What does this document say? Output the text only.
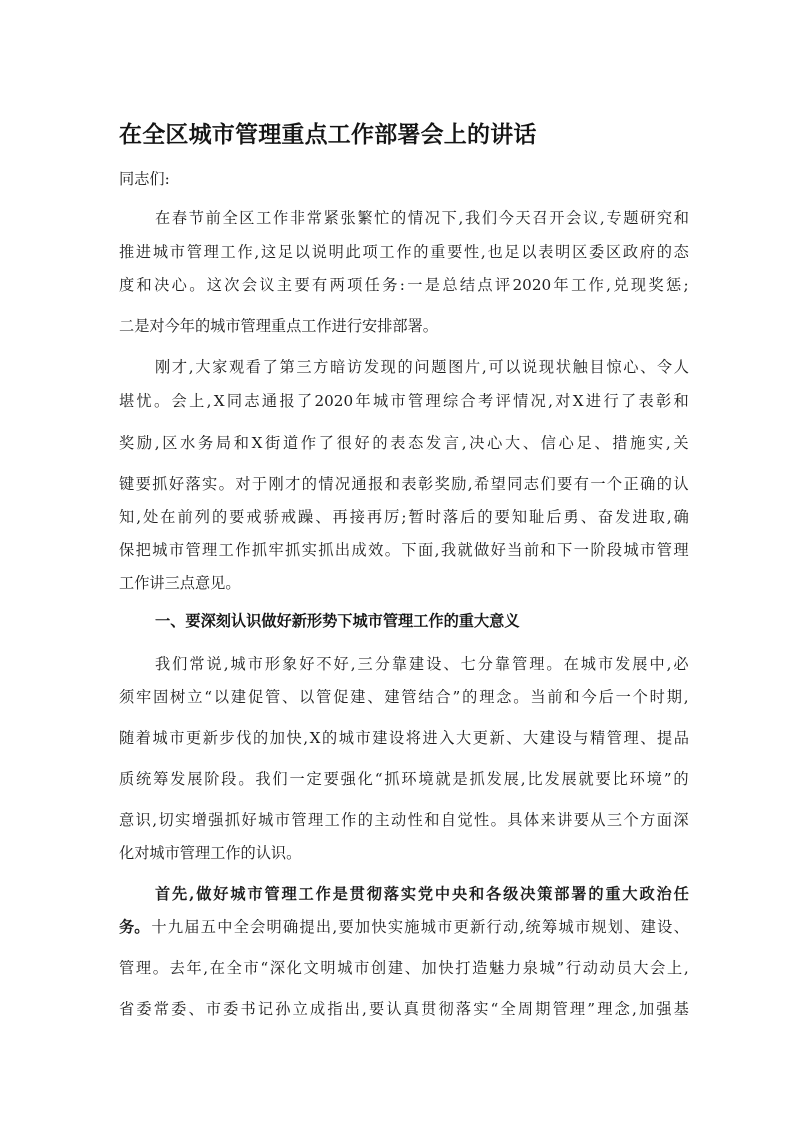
在全区城市管理重点工作部署会上的讲话
同志们:
在 春 节 前 全 区 工 作 非 常 紧 张 繁 忙 的 情 况 下 , 我 们 今 天 召 开 会 议 , 专 题 研 究 和
推 进 城 市 管 理 工 作 , 这 足 以 说 明 此 项 工 作 的 重 要 性 , 也 足 以 表 明 区 委 区 政 府 的 态
度 和 决 心 。 这 次 会 议 主 要 有 两 项 任 务 : 一 是 总 结 点 评 2020 年 工 作 , 兑 现 奖 惩 ;
二是对今年的城市管理重点工作进行安排部署。
刚 才 , 大 家 观 看 了 第 三 方 暗 访 发 现 的 问 题 图 片 , 可 以 说 现 状 触 目 惊 心 、 令 人
堪 忧 。 会 上 , X 同 志 通 报 了 2020 年 城 市 管 理 综 合 考 评 情 况 , 对 X 进 行 了 表 彰 和
奖 励 , 区 水 务 局 和 X 街 道 作 了 很 好 的 表 态 发 言 , 决 心 大 、 信 心 足 、 措 施 实 , 关
键 要 抓 好 落 实 。 对 于 刚 才 的 情 况 通 报 和 表 彰 奖 励 , 希 望 同 志 们 要 有 一 个 正 确 的 认
知 , 处 在 前 列 的 要 戒 骄 戒 躁 、 再 接 再 厉 ; 暂 时 落 后 的 要 知 耻 后 勇 、 奋 发 进 取 , 确
保 把 城 市 管 理 工 作 抓 牢 抓 实 抓 出 成 效 。 下 面 , 我 就 做 好 当 前 和 下 一 阶 段 城 市 管 理
工作讲三点意见。
一、要深刻认识做好新形势下城市管理工作的重大意义
我 们 常 说 , 城 市 形 象 好 不 好 , 三 分 靠 建 设 、 七 分 靠 管 理 。 在 城 市 发 展 中 , 必
须 牢 固 树 立 “ 以 建 促 管 、 以 管 促 建 、 建 管 结 合 ” 的 理 念 。 当 前 和 今 后 一 个 时 期 ,
随 着 城 市 更 新 步 伐 的 加 快 , X 的 城 市 建 设 将 进 入 大 更 新 、 大 建 设 与 精 管 理 、 提 品
质 统 筹 发 展 阶 段 。 我 们 一 定 要 强 化 “ 抓 环 境 就 是 抓 发 展 , 比 发 展 就 要 比 环 境 ” 的
意 识 , 切 实 增 强 抓 好 城 市 管 理 工 作 的 主 动 性 和 自 觉 性 。 具 体 来 讲 要 从 三 个 方 面 深
化对城市管理工作的认识。
首 先 , 做 好 城 市 管 理 工 作 是 贯 彻 落 实 党 中 央 和 各 级 决 策 部 署 的 重 大 政 治 任
务。 十 九 届 五 中 全 会 明 确 提 出 , 要 加 快 实 施 城 市 更 新 行 动 , 统 筹 城 市 规 划 、 建 设 、
管 理 。 去 年 , 在 全 市 “ 深 化 文 明 城 市 创 建 、 加 快 打 造 魅 力 泉 城 ” 行 动 动 员 大 会 上 ,
省 委 常 委 、 市 委 书 记 孙 立 成 指 出 , 要 认 真 贯 彻 落 实 “ 全 周 期 管 理 ” 理 念 , 加 强 基
